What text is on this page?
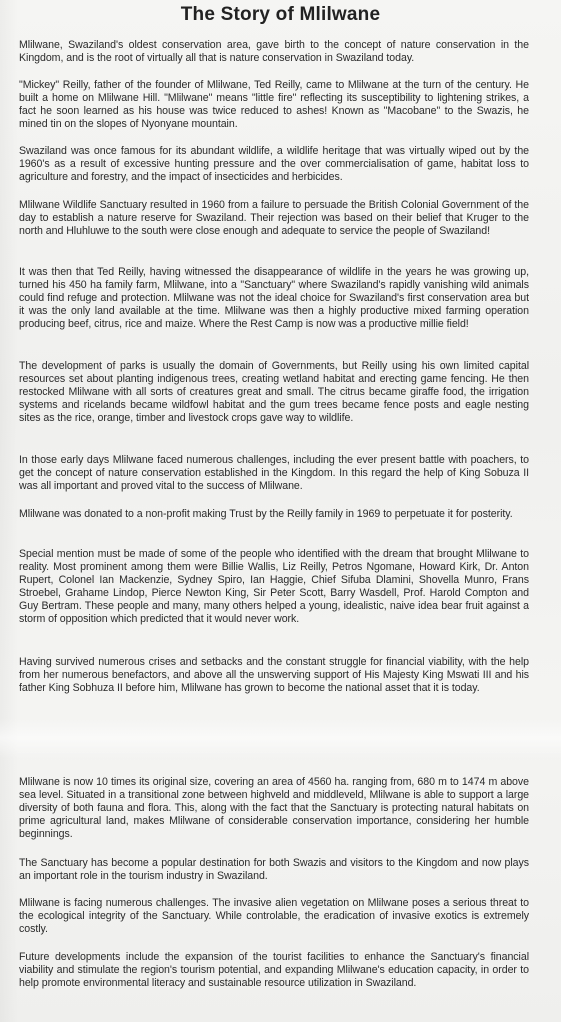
The Story of Mlilwane

Mlilwane, Swaziland's oldest conservation area, gave birth to the concept of nature conservation in the Kingdom, and is the root of virtually all that is nature conservation in Swaziland today.

"Mickey" Reilly, father of the founder of Mlilwane, Ted Reilly, came to Mlilwane at the turn of the century. He built a home on Mlilwane Hill. "Mlilwane" means "little fire" reflecting its susceptibility to lightening strikes, a fact he soon learned as his house was twice reduced to ashes! Known as "Macobane" to the Swazis, he mined tin on the slopes of Nyonyane mountain.

Swaziland was once famous for its abundant wildlife, a wildlife heritage that was virtually wiped out by the 1960's as a result of excessive hunting pressure and the over commercialisation of game, habitat loss to agriculture and forestry, and the impact of insecticides and herbicides.

Mlilwane Wildlife Sanctuary resulted in 1960 from a failure to persuade the British Colonial Government of the day to establish a nature reserve for Swaziland. Their rejection was based on their belief that Kruger to the north and Hluhluwe to the south were close enough and adequate to service the people of Swaziland!

It was then that Ted Reilly, having witnessed the disappearance of wildlife in the years he was growing up, turned his 450 ha family farm, Mlilwane, into a "Sanctuary" where Swaziland's rapidly vanishing wild animals could find refuge and protection. Mlilwane was not the ideal choice for Swaziland's first conservation area but it was the only land available at the time. Mlilwane was then a highly productive mixed farming operation producing beef, citrus, rice and maize. Where the Rest Camp is now was a productive millie field!

The development of parks is usually the domain of Governments, but Reilly using his own limited capital resources set about planting indigenous trees, creating wetland habitat and erecting game fencing. He then restocked Mlilwane with all sorts of creatures great and small. The citrus became giraffe food, the irrigation systems and ricelands became wildfowl habitat and the gum trees became fence posts and eagle nesting sites as the rice, orange, timber and livestock crops gave way to wildlife.

In those early days Mlilwane faced numerous challenges, including the ever present battle with poachers, to get the concept of nature conservation established in the Kingdom. In this regard the help of King Sobuza II was all important and proved vital to the success of Mlilwane.

Mlilwane was donated to a non-profit making Trust by the Reilly family in 1969 to perpetuate it for posterity.

Special mention must be made of some of the people who identified with the dream that brought Mlilwane to reality. Most prominent among them were Billie Wallis, Liz Reilly, Petros Ngomane, Howard Kirk, Dr. Anton Rupert, Colonel Ian Mackenzie, Sydney Spiro, Ian Haggie, Chief Sifuba Dlamini, Shovella Munro, Frans Stroebel, Grahame Lindop, Pierce Newton King, Sir Peter Scott, Barry Wasdell, Prof. Harold Compton and Guy Bertram. These people and many, many others helped a young, idealistic, naive idea bear fruit against a storm of opposition which predicted that it would never work.

Having survived numerous crises and setbacks and the constant struggle for financial viability, with the help from her numerous benefactors, and above all the unswerving support of His Majesty King Mswati III and his father King Sobhuza II before him, Mlilwane has grown to become the national asset that it is today.

Mlilwane is now 10 times its original size, covering an area of 4560 ha. ranging from, 680 m to 1474 m above sea level. Situated in a transitional zone between highveld and middleveld, Mlilwane is able to support a large diversity of both fauna and flora. This, along with the fact that the Sanctuary is protecting natural habitats on prime agricultural land, makes Mlilwane of considerable conservation importance, considering her humble beginnings.

The Sanctuary has become a popular destination for both Swazis and visitors to the Kingdom and now plays an important role in the tourism industry in Swaziland.

Mlilwane is facing numerous challenges. The invasive alien vegetation on Mlilwane poses a serious threat to the ecological integrity of the Sanctuary. While controlable, the eradication of invasive exotics is extremely costly.

Future developments include the expansion of the tourist facilities to enhance the Sanctuary's financial viability and stimulate the region's tourism potential, and expanding Mlilwane's education capacity, in order to help promote environmental literacy and sustainable resource utilization in Swaziland.
